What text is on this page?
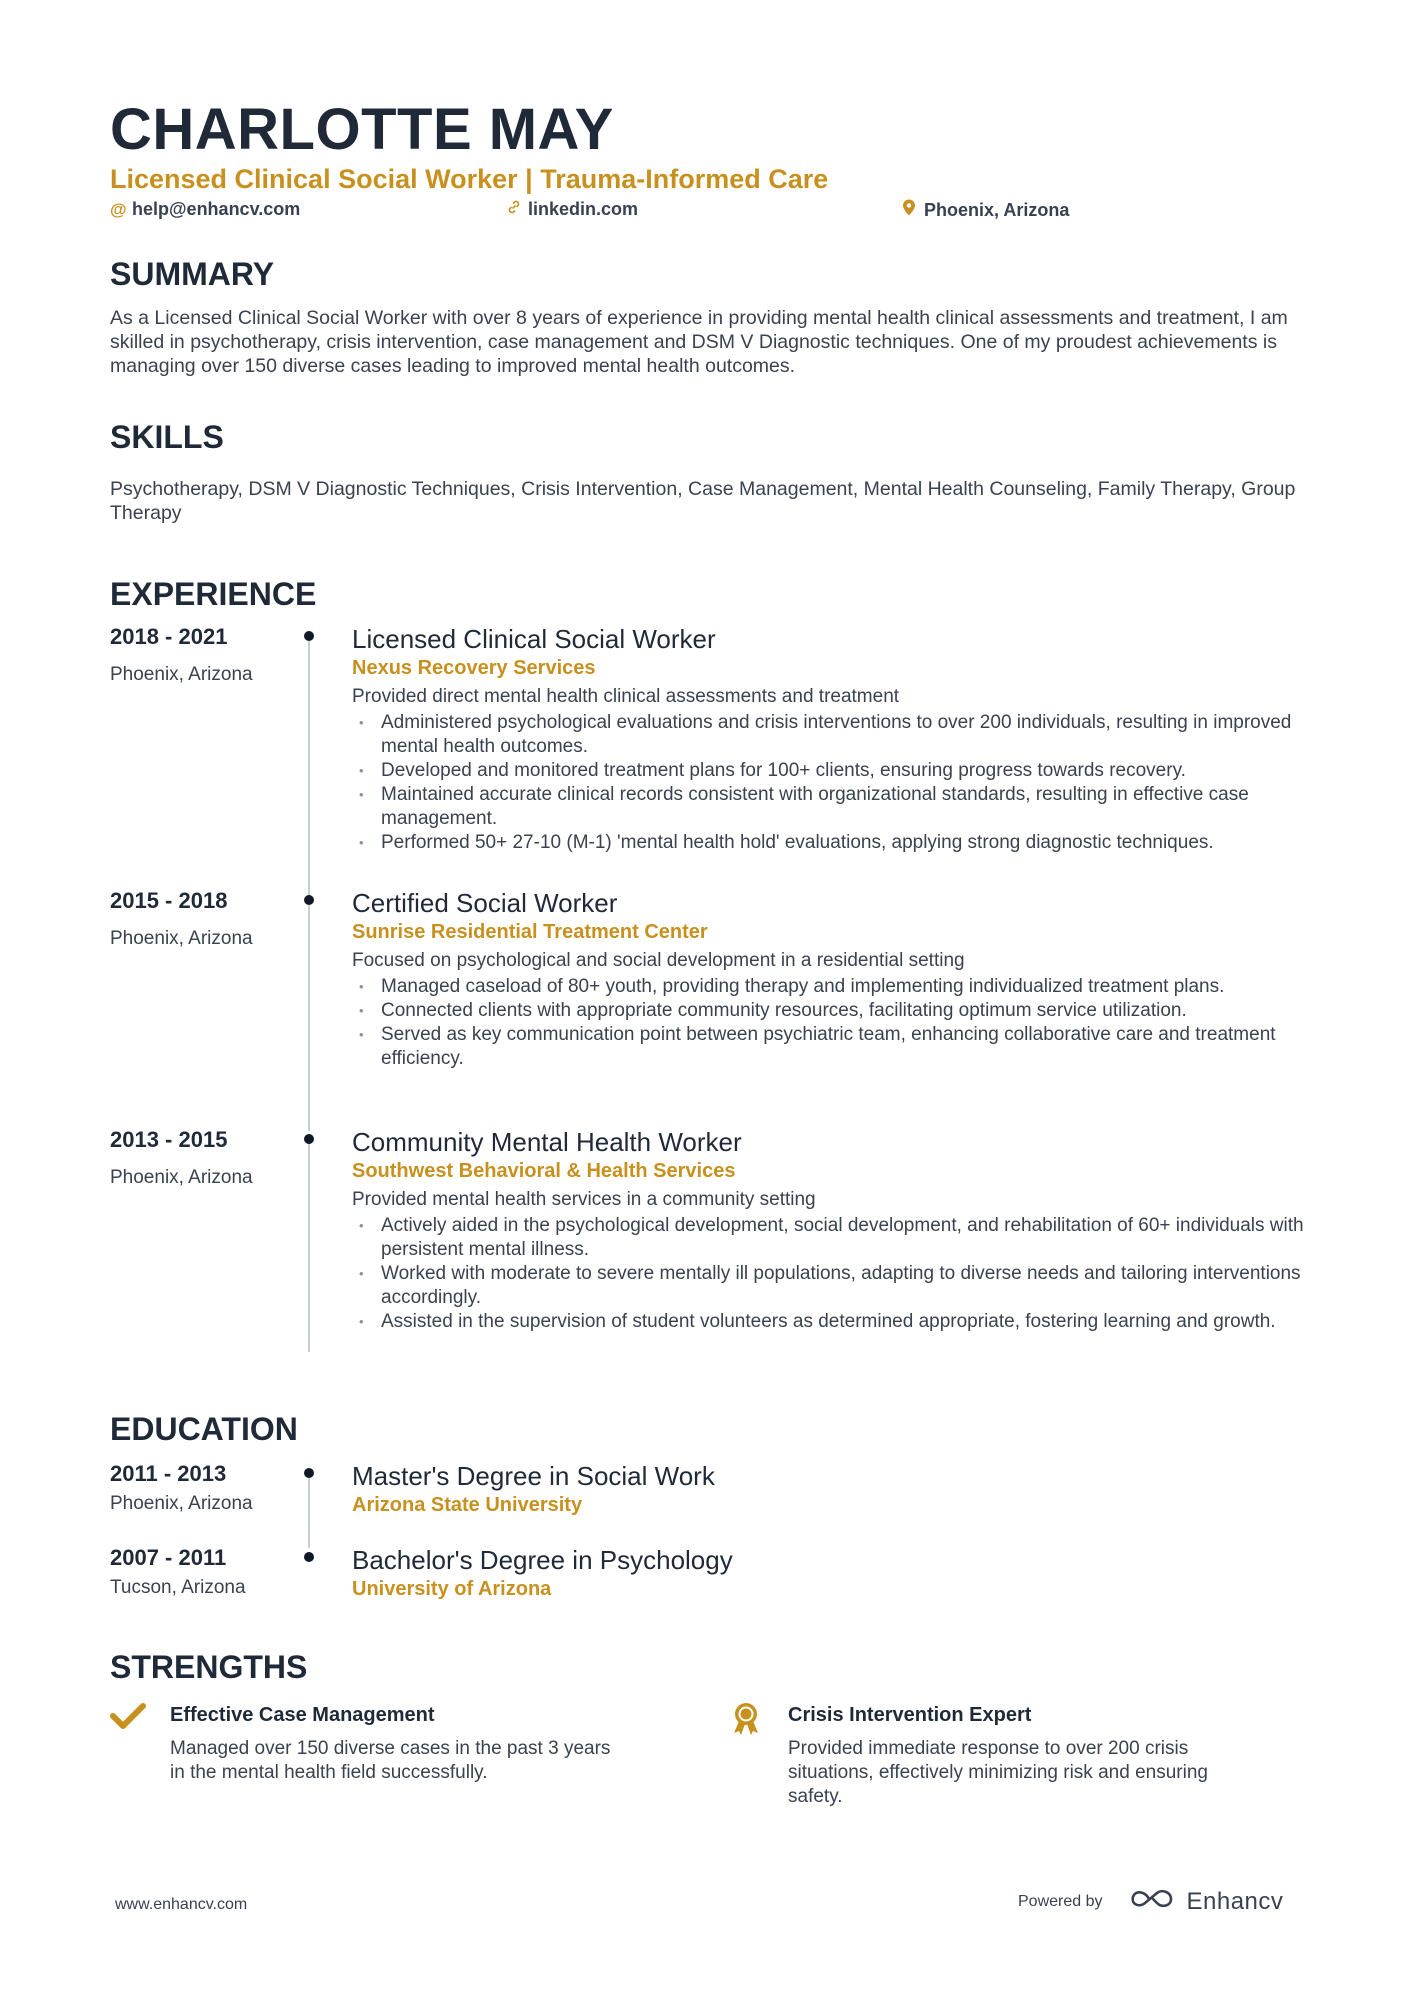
CHARLOTTE MAY
Licensed Clinical Social Worker | Trauma-Informed Care
@ help@enhancv.com	linkedin.com	Phoenix, Arizona
SUMMARY

As a Licensed Clinical Social Worker with over 8 years of experience in providing mental health clinical assessments and treatment, I am skilled in psychotherapy, crisis intervention, case management and DSM V Diagnostic techniques. One of my proudest achievements is managing over 150 diverse cases leading to improved mental health outcomes.

SKILLS

Psychotherapy, DSM V Diagnostic Techniques, Crisis Intervention, Case Management, Mental Health Counseling, Family Therapy, Group Therapy

EXPERIENCE
2018 - 2021
Phoenix, Arizona

Licensed Clinical Social Worker

Nexus Recovery Services

Provided direct mental health clinical assessments and treatment

• Administered psychological evaluations and crisis interventions to over 200 individuals, resulting in improved mental health outcomes.
• Developed and monitored treatment plans for 100+ clients, ensuring progress towards recovery.
• Maintained accurate clinical records consistent with organizational standards, resulting in effective case management.
• Performed 50+ 27-10 (M-1) 'mental health hold' evaluations, applying strong diagnostic techniques.
2015 - 2018
Phoenix, Arizona

Certified Social Worker

Sunrise Residential Treatment Center

Focused on psychological and social development in a residential setting

• Managed caseload of 80+ youth, providing therapy and implementing individualized treatment plans.
• Connected clients with appropriate community resources, facilitating optimum service utilization.
• Served as key communication point between psychiatric team, enhancing collaborative care and treatment efficiency.
2013 - 2015
Phoenix, Arizona

Community Mental Health Worker

Southwest Behavioral & Health Services

Provided mental health services in a community setting

• Actively aided in the psychological development, social development, and rehabilitation of 60+ individuals with persistent mental illness.
• Worked with moderate to severe mentally ill populations, adapting to diverse needs and tailoring interventions accordingly.
• Assisted in the supervision of student volunteers as determined appropriate, fostering learning and growth.
EDUCATION
2011 - 2013
Phoenix, Arizona

Master's Degree in Social Work

Arizona State University

2007 - 2011
Tucson, Arizona

Bachelor's Degree in Psychology

University of Arizona

STRENGTHS
Effective Case Management
Managed over 150 diverse cases in the past 3 years in the mental health field successfully.
Crisis Intervention Expert
Provided immediate response to over 200 crisis situations, effectively minimizing risk and ensuring safety.
www.enhancv.com	Powered by	Enhancv
